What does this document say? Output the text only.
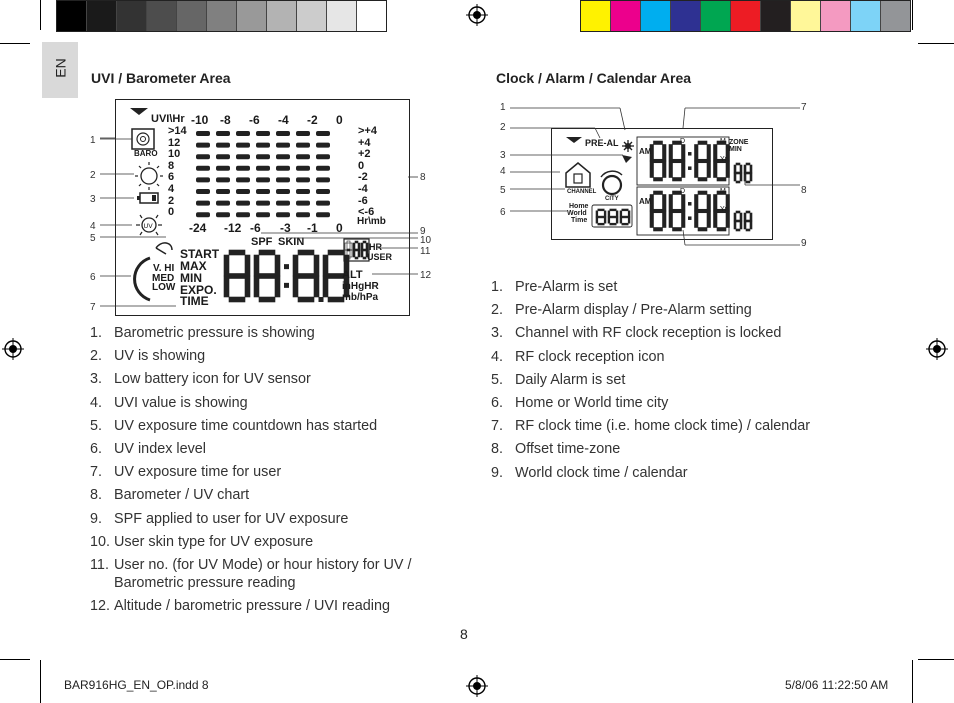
EN
UVI / Barometer Area
1
2
3
4
5
6
7
8
9
10
11
12
UV
UVI\Hr -10 -8 -6 -4 -2 0
>14
12
10
8
6
4
2
0
>+4
+4
+2
0
-2
-4
-6
<-6
Hr\mb
-24 -12 -6 -3 -1 0
BARO
SPF SKIN	HR
USER
START
MAX
MIN
EXPO.
TIME
V. HI
MED
LOW
ALT
inHgHR
mb/hPa
1. Barometric pressure is showing
2. UV is showing
3. Low battery icon for UV sensor
4. UVI value is showing
5. UV exposure time countdown has started
6. UV index level
7. UV exposure time for user
8. Barometer / UV chart
9. SPF applied to user for UV exposure
10. User skin type for UV exposure
11. User no. (for UV Mode) or hour history for UV / Barometric pressure reading
12. Altitude / barometric pressure / UVI reading
Clock / Alarm / Calendar Area
1
2
3
4
5
6
7
8
9
PRE-AL
CHANNEL
Home
World
Time
CITY
ZONE
MIN
AM
AM
D	M
D	M
Yr
Yr
1. Pre-Alarm is set
2. Pre-Alarm display / Pre-Alarm setting
3. Channel with RF clock reception is locked
4. RF clock reception icon
5. Daily Alarm is set
6. Home or World time city
7. RF clock time (i.e. home clock time) / calendar
8. Offset time-zone
9. World clock time / calendar
8
BAR916HG_EN_OP.indd 8	5/8/06 11:22:50 AM
